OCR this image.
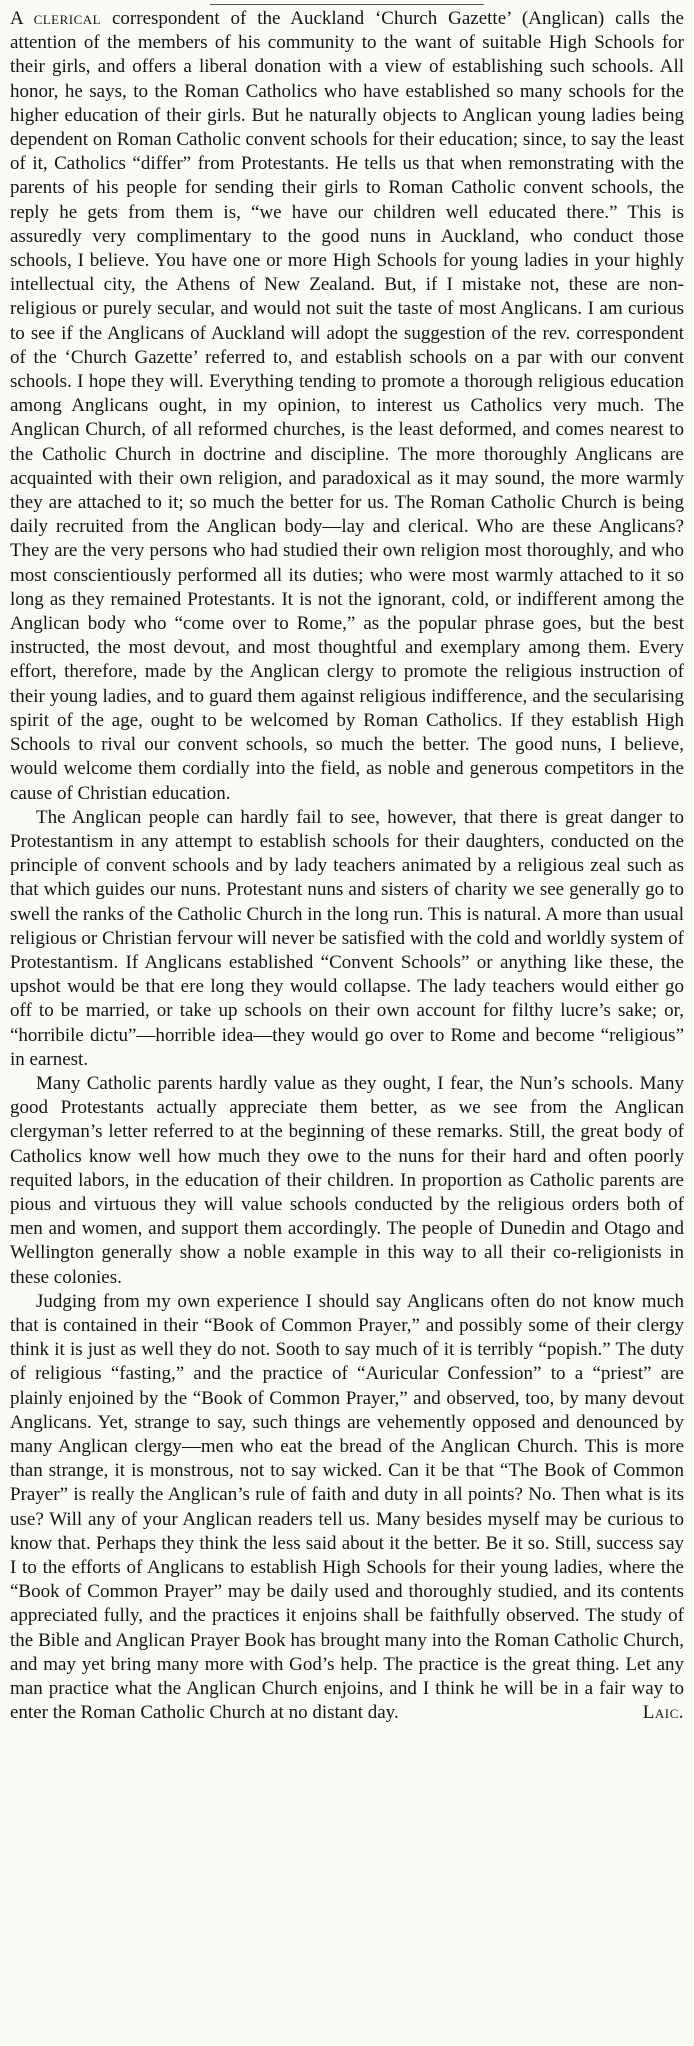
A clerical correspondent of the Auckland ‘Church Gazette’ (Anglican) calls the attention of the members of his community to the want of suitable High Schools for their girls, and offers a liberal donation with a view of establishing such schools. All honor, he says, to the Roman Catholics who have established so many schools for the higher education of their girls. But he naturally objects to Anglican young ladies being dependent on Roman Catholic convent schools for their education; since, to say the least of it, Catholics “differ” from Protestants. He tells us that when remonstrating with the parents of his people for sending their girls to Roman Catholic convent schools, the reply he gets from them is, “we have our children well educated there.” This is assuredly very complimentary to the good nuns in Auckland, who conduct those schools, I believe. You have one or more High Schools for young ladies in your highly intellectual city, the Athens of New Zealand. But, if I mistake not, these are non-religious or purely secular, and would not suit the taste of most Anglicans. I am curious to see if the Anglicans of Auckland will adopt the suggestion of the rev. correspondent of the ‘Church Gazette’ referred to, and establish schools on a par with our convent schools. I hope they will. Everything tending to promote a thorough religious education among Anglicans ought, in my opinion, to interest us Catholics very much. The Anglican Church, of all reformed churches, is the least deformed, and comes nearest to the Catholic Church in doctrine and discipline. The more thoroughly Anglicans are acquainted with their own religion, and paradoxical as it may sound, the more warmly they are attached to it; so much the better for us. The Roman Catholic Church is being daily recruited from the Anglican body—lay and clerical. Who are these Anglicans? They are the very persons who had studied their own religion most thoroughly, and who most conscientiously performed all its duties; who were most warmly attached to it so long as they remained Protestants. It is not the ignorant, cold, or indifferent among the Anglican body who “come over to Rome,” as the popular phrase goes, but the best instructed, the most devout, and most thoughtful and exemplary among them. Every effort, therefore, made by the Anglican clergy to promote the religious instruction of their young ladies, and to guard them against religious indifference, and the secularising spirit of the age, ought to be welcomed by Roman Catholics. If they establish High Schools to rival our convent schools, so much the better. The good nuns, I believe, would welcome them cordially into the field, as noble and generous competitors in the cause of Christian education.

The Anglican people can hardly fail to see, however, that there is great danger to Protestantism in any attempt to establish schools for their daughters, conducted on the principle of convent schools and by lady teachers animated by a religious zeal such as that which guides our nuns. Protestant nuns and sisters of charity we see generally go to swell the ranks of the Catholic Church in the long run. This is natural. A more than usual religious or Christian fervour will never be satisfied with the cold and worldly system of Protestantism. If Anglicans established “Convent Schools” or anything like these, the upshot would be that ere long they would collapse. The lady teachers would either go off to be married, or take up schools on their own account for filthy lucre’s sake; or, “horribile dictu”—horrible idea—they would go over to Rome and become “religious” in earnest.

Many Catholic parents hardly value as they ought, I fear, the Nun’s schools. Many good Protestants actually appreciate them better, as we see from the Anglican clergyman’s letter referred to at the beginning of these remarks. Still, the great body of Catholics know well how much they owe to the nuns for their hard and often poorly requited labors, in the education of their children. In proportion as Catholic parents are pious and virtuous they will value schools conducted by the religious orders both of men and women, and support them accordingly. The people of Dunedin and Otago and Wellington generally show a noble example in this way to all their co-religionists in these colonies.

Judging from my own experience I should say Anglicans often do not know much that is contained in their “Book of Common Prayer,” and possibly some of their clergy think it is just as well they do not. Sooth to say much of it is terribly “popish.” The duty of religious “fasting,” and the practice of “Auricular Confession” to a “priest” are plainly enjoined by the “Book of Common Prayer,” and observed, too, by many devout Anglicans. Yet, strange to say, such things are vehemently opposed and denounced by many Anglican clergy—men who eat the bread of the Anglican Church. This is more than strange, it is monstrous, not to say wicked. Can it be that “The Book of Common Prayer” is really the Anglican’s rule of faith and duty in all points? No. Then what is its use? Will any of your Anglican readers tell us. Many besides myself may be curious to know that. Perhaps they think the less said about it the better. Be it so. Still, success say I to the efforts of Anglicans to establish High Schools for their young ladies, where the “Book of Common Prayer” may be daily used and thoroughly studied, and its contents appreciated fully, and the practices it enjoins shall be faithfully observed. The study of the Bible and Anglican Prayer Book has brought many into the Roman Catholic Church, and may yet bring many more with God’s help. The practice is the great thing. Let any man practice what the Anglican Church enjoins, and I think he will be in a fair way to enter the Roman Catholic Church at no distant day.	Laic.
